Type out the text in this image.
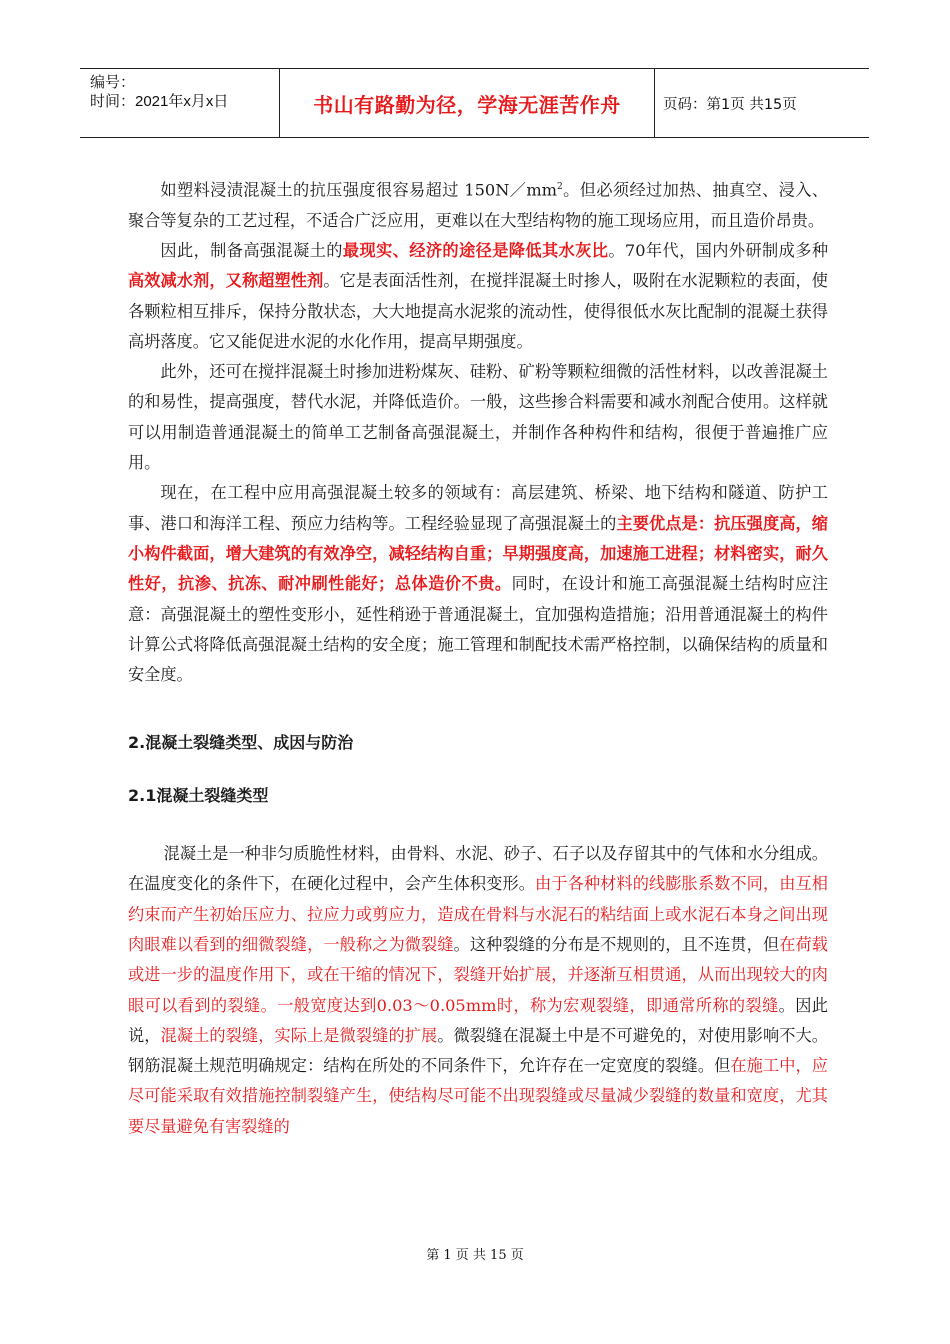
编号：
时间：2021年x月x日	书山有路勤为径，学海无涯苦作舟	页码：第1页 共15页

如塑料浸渍混凝土的抗压强度很容易超过 $150N/mm^2$。但必须经过加热、抽真空、浸入、聚合等复杂的工艺过程，不适合广泛应用，更难以在大型结构物的施工现场应用，而且造价昂贵。

因此，制备高强混凝土的最现实、经济的途径是降低其水灰比。70年代，国内外研制成多种高效减水剂，又称超塑性剂。它是表面活性剂，在搅拌混凝土时掺人，吸附在水泥颗粒的表面，使各颗粒相互排斥，保持分散状态，大大地提高水泥浆的流动性，使得很低水灰比配制的混凝土获得高坍落度。它又能促进水泥的水化作用，提高早期强度。

此外，还可在搅拌混凝土时掺加进粉煤灰、硅粉、矿粉等颗粒细微的活性材料，以改善混凝土的和易性，提高强度，替代水泥，并降低造价。一般，这些掺合料需要和减水剂配合使用。这样就可以用制造普通混凝土的简单工艺制备高强混凝土，并制作各种构件和结构，很便于普遍推广应用。

现在，在工程中应用高强混凝土较多的领域有：高层建筑、桥梁、地下结构和隧道、防护工事、港口和海洋工程、预应力结构等。工程经验显现了高强混凝土的主要优点是：抗压强度高，缩小构件截面，增大建筑的有效净空，减轻结构自重；早期强度高，加速施工进程；材料密实，耐久性好，抗渗、抗冻、耐冲刷性能好；总体造价不贵。同时，在设计和施工高强混凝土结构时应注意：高强混凝土的塑性变形小，延性稍逊于普通混凝土，宜加强构造措施；沿用普通混凝土的构件计算公式将降低高强混凝土结构的安全度；施工管理和制配技术需严格控制，以确保结构的质量和安全度。

2.混凝土裂缝类型、成因与防治

2.1混凝土裂缝类型

混凝土是一种非匀质脆性材料，由骨料、水泥、砂子、石子以及存留其中的气体和水分组成。在温度变化的条件下，在硬化过程中，会产生体积变形。由于各种材料的线膨胀系数不同，由互相约束而产生初始压应力、拉应力或剪应力，造成在骨料与水泥石的粘结面上或水泥石本身之间出现肉眼难以看到的细微裂缝，一般称之为微裂缝。这种裂缝的分布是不规则的，且不连贯，但在荷载或进一步的温度作用下，或在干缩的情况下，裂缝开始扩展，并逐渐互相贯通，从而出现较大的肉眼可以看到的裂缝。一般宽度达到0.03～0.05mm时，称为宏观裂缝，即通常所称的裂缝。因此说，混凝土的裂缝，实际上是微裂缝的扩展。微裂缝在混凝土中是不可避免的，对使用影响不大。钢筋混凝土规范明确规定：结构在所处的不同条件下，允许存在一定宽度的裂缝。但在施工中，应尽可能采取有效措施控制裂缝产生，使结构尽可能不出现裂缝或尽量减少裂缝的数量和宽度，尤其要尽量避免有害裂缝的

第 1 页 共 15 页
